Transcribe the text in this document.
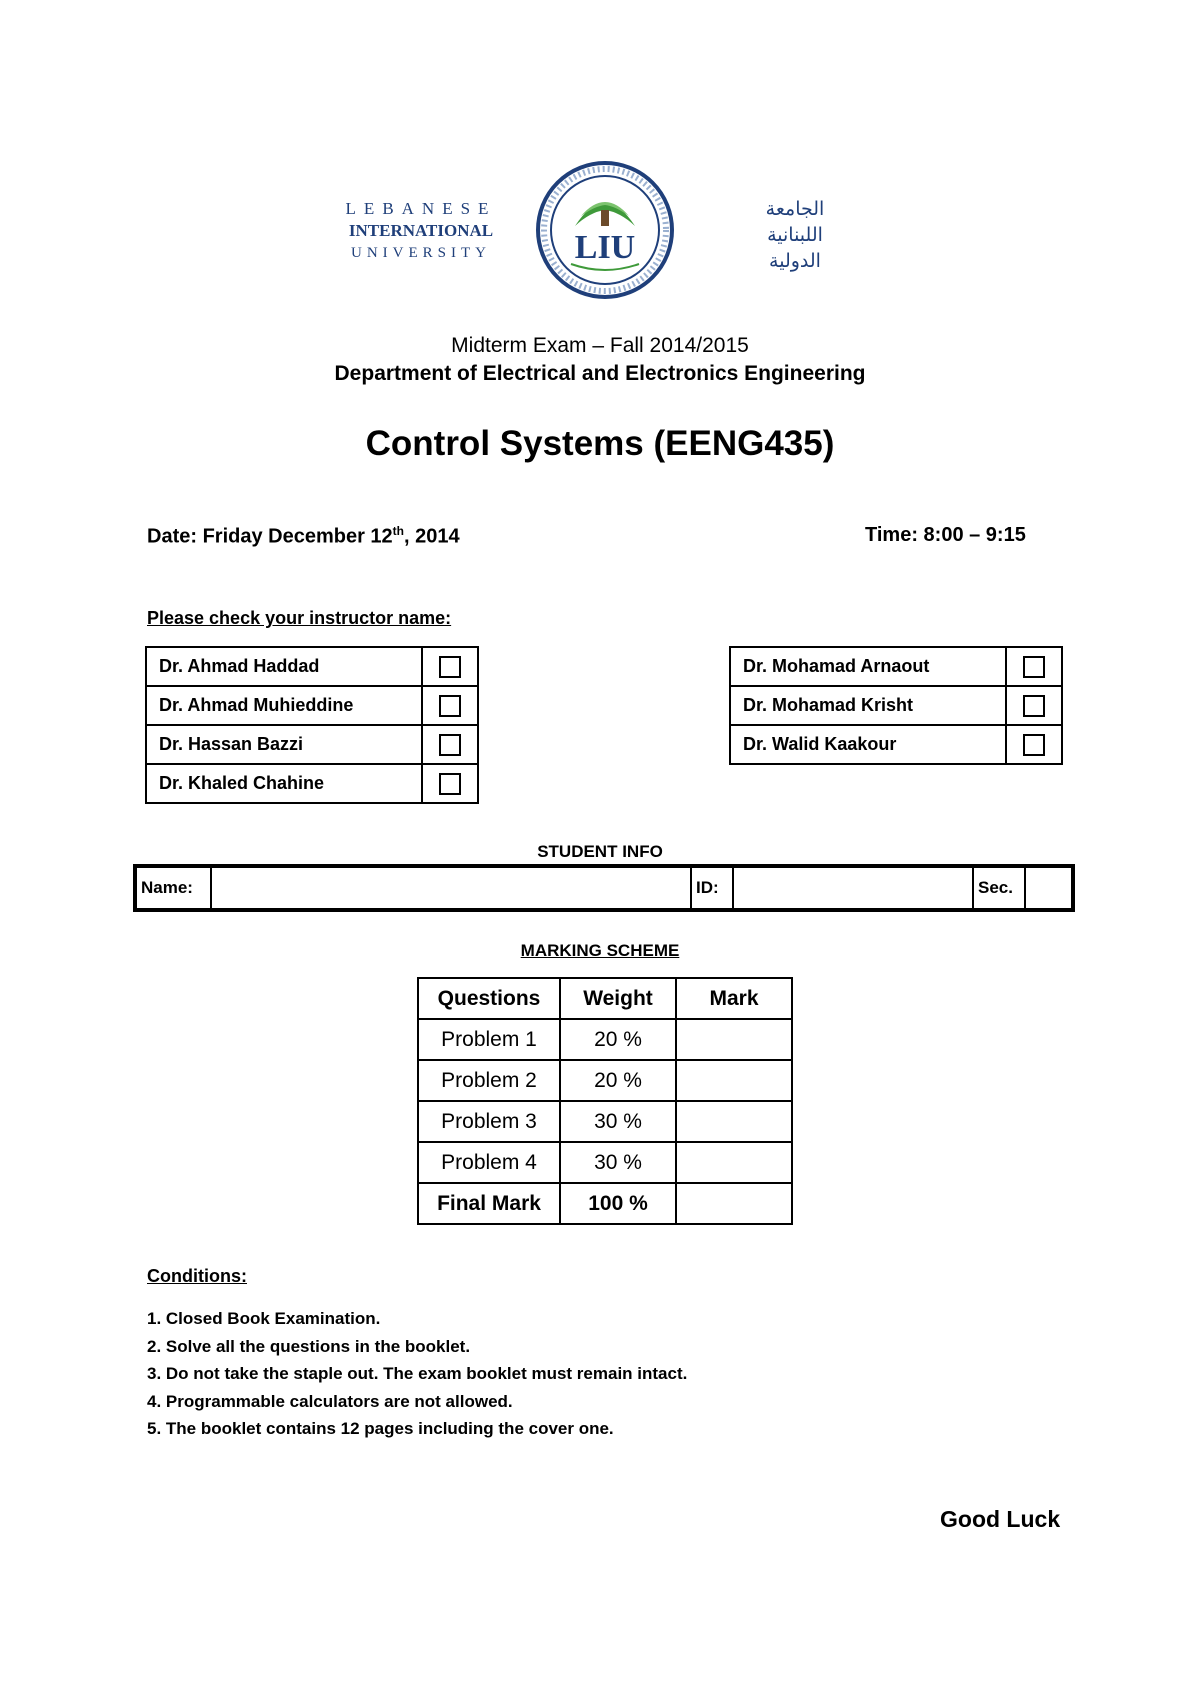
LEBANESE
INTERNATIONAL
UNIVERSITY	LIU
الجامعة
اللبنانية
الدولية
Midterm Exam – Fall 2014/2015
Department of Electrical and Electronics Engineering
Control Systems (EENG435)
Date: Friday December 12th, 2014	Time: 8:00 – 9:15
Please check your instructor name:
Dr. Ahmad Haddad	
Dr. Ahmad Muhieddine	
Dr. Hassan Bazzi	
Dr. Khaled Chahine	
Dr. Mohamad Arnaout	
Dr. Mohamad Krisht	
Dr. Walid Kaakour	
STUDENT INFO
Name:		ID:		Sec.	
MARKING SCHEME
Questions	Weight	Mark
Problem 1	20 %	
Problem 2	20 %	
Problem 3	30 %	
Problem 4	30 %	
Final Mark	100 %	
Conditions:
1. Closed Book Examination.
2. Solve all the questions in the booklet.
3. Do not take the staple out. The exam booklet must remain intact.
4. Programmable calculators are not allowed.
5. The booklet contains 12 pages including the cover one.
Good Luck
